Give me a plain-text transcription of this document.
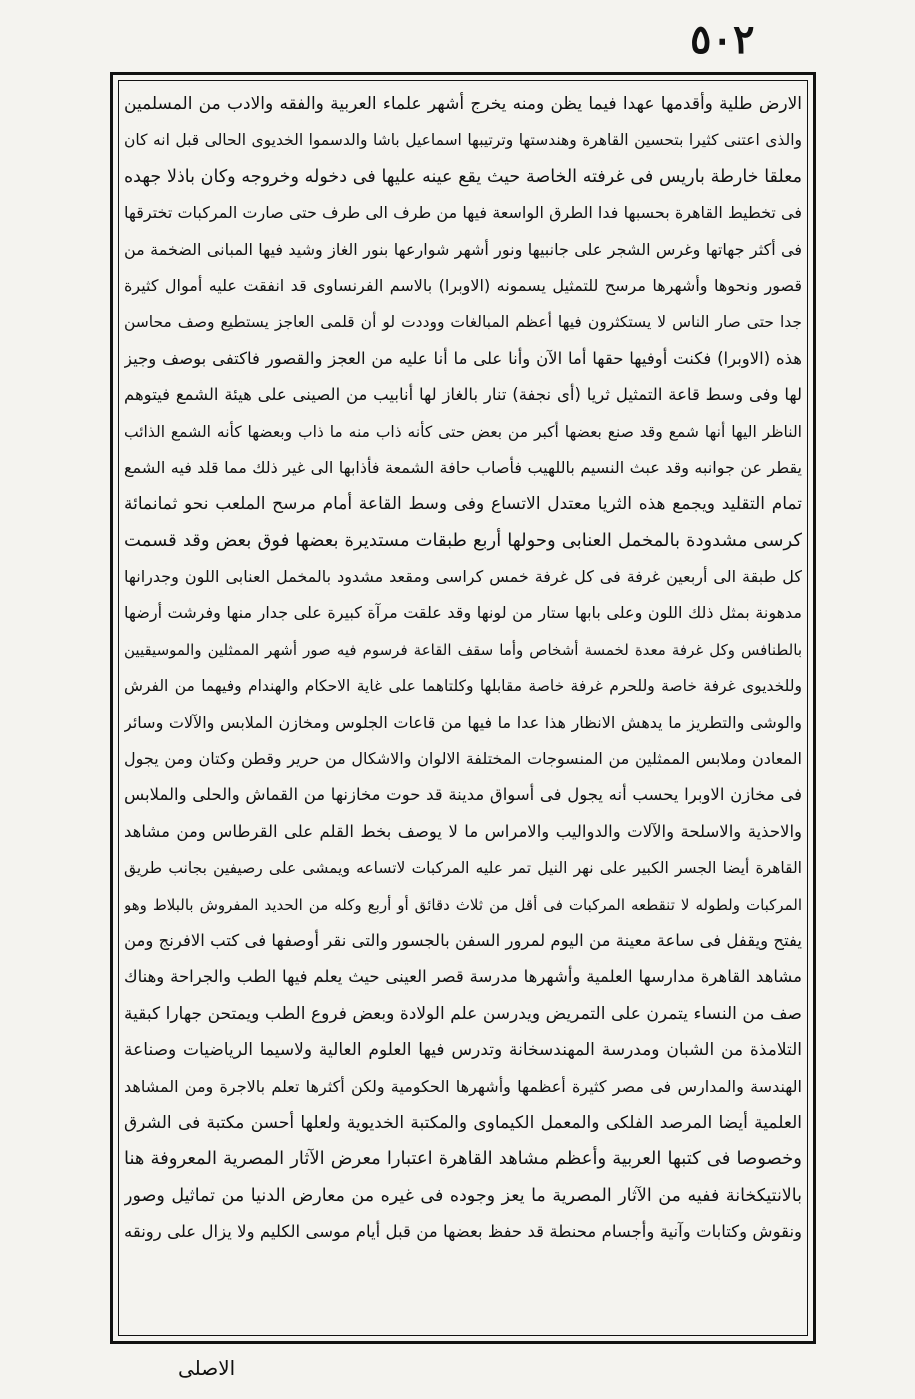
٥٠٢
الارض طلية وأقدمها عهدا فيما يظن ومنه يخرج أشهر علماء العربية والفقه والادب من المسلمين
والذى اعتنى كثيرا بتحسين القاهرة وهندستها وترتيبها اسماعيل باشا والدسموا الخديوى الحالى قبل انه كان
معلقا خارطة باريس فى غرفته الخاصة حيث يقع عينه عليها فى دخوله وخروجه وكان باذلا جهده
فى تخطيط القاهرة بحسبها فدا الطرق الواسعة فيها من طرف الى طرف حتى صارت المركبات تخترقها
فى أكثر جهاتها وغرس الشجر على جانبيها ونور أشهر شوارعها بنور الغاز وشيد فيها المبانى الضخمة من
قصور ونحوها وأشهرها مرسح للتمثيل يسمونه (الاوبرا) بالاسم الفرنساوى قد انفقت عليه أموال كثيرة
جدا حتى صار الناس لا يستكثرون فيها أعظم المبالغات ووددت لو أن قلمى العاجز يستطيع وصف محاسن
هذه (الاوبرا) فكنت أوفيها حقها أما الآن وأنا على ما أنا عليه من العجز والقصور فاكتفى بوصف وجيز
لها وفى وسط قاعة التمثيل ثريا (أى نجفة) تنار بالغاز لها أنابيب من الصينى على هيئة الشمع فيتوهم
الناظر اليها أنها شمع وقد صنع بعضها أكبر من بعض حتى كأنه ذاب منه ما ذاب وبعضها كأنه الشمع الذائب
يقطر عن جوانبه وقد عبث النسيم باللهيب فأصاب حافة الشمعة فأذابها الى غير ذلك مما قلد فيه الشمع
تمام التقليد ويجمع هذه الثريا معتدل الاتساع وفى وسط القاعة أمام مرسح الملعب نحو ثمانمائة
كرسى مشدودة بالمخمل العنابى وحولها أربع طبقات مستديرة بعضها فوق بعض وقد قسمت
كل طبقة الى أربعين غرفة فى كل غرفة خمس كراسى ومقعد مشدود بالمخمل العنابى اللون وجدرانها
مدهونة بمثل ذلك اللون وعلى بابها ستار من لونها وقد علقت مرآة كبيرة على جدار منها وفرشت أرضها
بالطنافس وكل غرفة معدة لخمسة أشخاص وأما سقف القاعة فرسوم فيه صور أشهر الممثلين والموسيقيين
وللخديوى غرفة خاصة وللحرم غرفة خاصة مقابلها وكلتاهما على غاية الاحكام والهندام وفيهما من الفرش
والوشى والتطريز ما يدهش الانظار هذا عدا ما فيها من قاعات الجلوس ومخازن الملابس والآلات وسائر
المعادن وملابس الممثلين من المنسوجات المختلفة الالوان والاشكال من حرير وقطن وكتان ومن يجول
فى مخازن الاوبرا يحسب أنه يجول فى أسواق مدينة قد حوت مخازنها من القماش والحلى والملابس
والاحذية والاسلحة والآلات والدواليب والامراس ما لا يوصف بخط القلم على القرطاس ومن مشاهد
القاهرة أيضا الجسر الكبير على نهر النيل تمر عليه المركبات لاتساعه ويمشى على رصيفين بجانب طريق
المركبات ولطوله لا تنقطعه المركبات فى أقل من ثلاث دقائق أو أربع وكله من الحديد المفروش بالبلاط وهو
يفتح ويقفل فى ساعة معينة من اليوم لمرور السفن بالجسور والتى نقر أوصفها فى كتب الافرنج ومن
مشاهد القاهرة مدارسها العلمية وأشهرها مدرسة قصر العينى حيث يعلم فيها الطب والجراحة وهناك
صف من النساء يتمرن على التمريض ويدرسن علم الولادة وبعض فروع الطب ويمتحن جهارا كبقية
التلامذة من الشبان ومدرسة المهندسخانة وتدرس فيها العلوم العالية ولاسيما الرياضيات وصناعة
الهندسة والمدارس فى مصر كثيرة أعظمها وأشهرها الحكومية ولكن أكثرها تعلم بالاجرة ومن المشاهد
العلمية أيضا المرصد الفلكى والمعمل الكيماوى والمكتبة الخديوية ولعلها أحسن مكتبة فى الشرق
وخصوصا فى كتبها العربية وأعظم مشاهد القاهرة اعتبارا معرض الآثار المصرية المعروفة هنا
بالانتيكخانة ففيه من الآثار المصرية ما يعز وجوده فى غيره من معارض الدنيا من تماثيل وصور
ونقوش وكتابات وآنية وأجسام محنطة قد حفظ بعضها من قبل أيام موسى الكليم ولا يزال على رونقه
الاصلى
